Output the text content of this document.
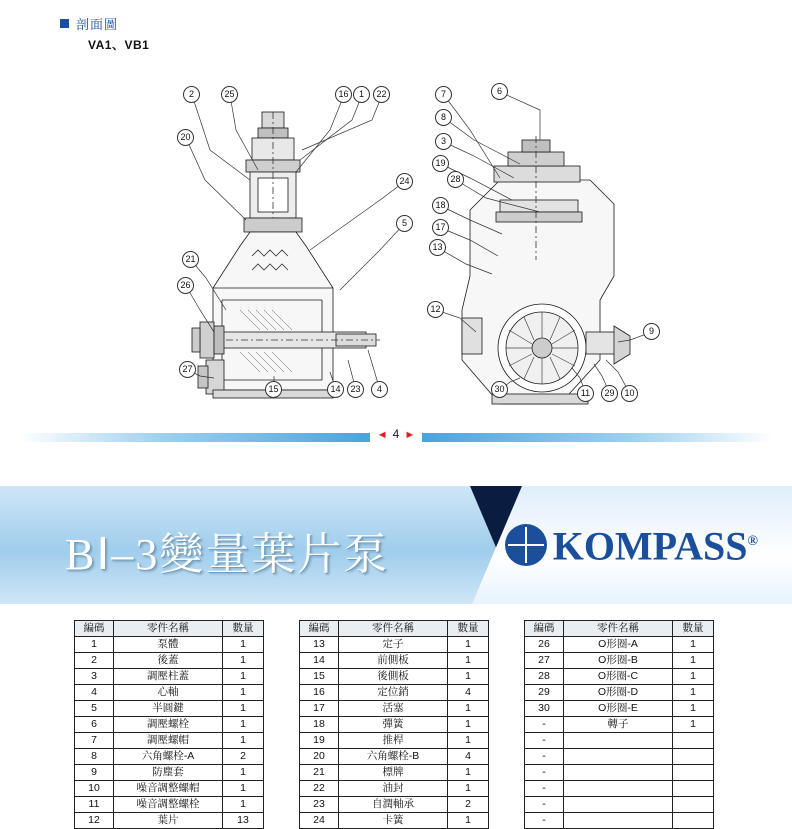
剖面圖
VA1、VB1
2	25
20
16	1	22
24
5
21
26
27
15	14	23	4
7	6
8
3
19
28
18
17
13
12
9
30	11	29	10
◄ 4 ►
BⅠ–3變量葉片泵	KOMPASS®
編碼	零件名稱	數量
1	泵體	1
2	後蓋	1
3	調壓柱蓋	1
4	心軸	1
5	半圓鍵	1
6	調壓螺栓	1
7	調壓螺帽	1
8	六角螺栓-A	2
9	防塵套	1
10	噪音調整螺帽	1
11	噪音調整螺栓	1
12	葉片	13
編碼	零件名稱	數量
13	定子	1
14	前側板	1
15	後側板	1
16	定位銷	4
17	活塞	1
18	彈簧	1
19	推桿	1
20	六角螺栓-B	4
21	標牌	1
22	油封	1
23	自潤軸承	2
24	卡簧	1
編碼	零件名稱	數量
26	O形圈-A	1
27	O形圈-B	1
28	O形圈-C	1
29	O形圈-D	1
30	O形圈-E	1
-	轉子	1
-		
-		
-		
-		
-		
-		
